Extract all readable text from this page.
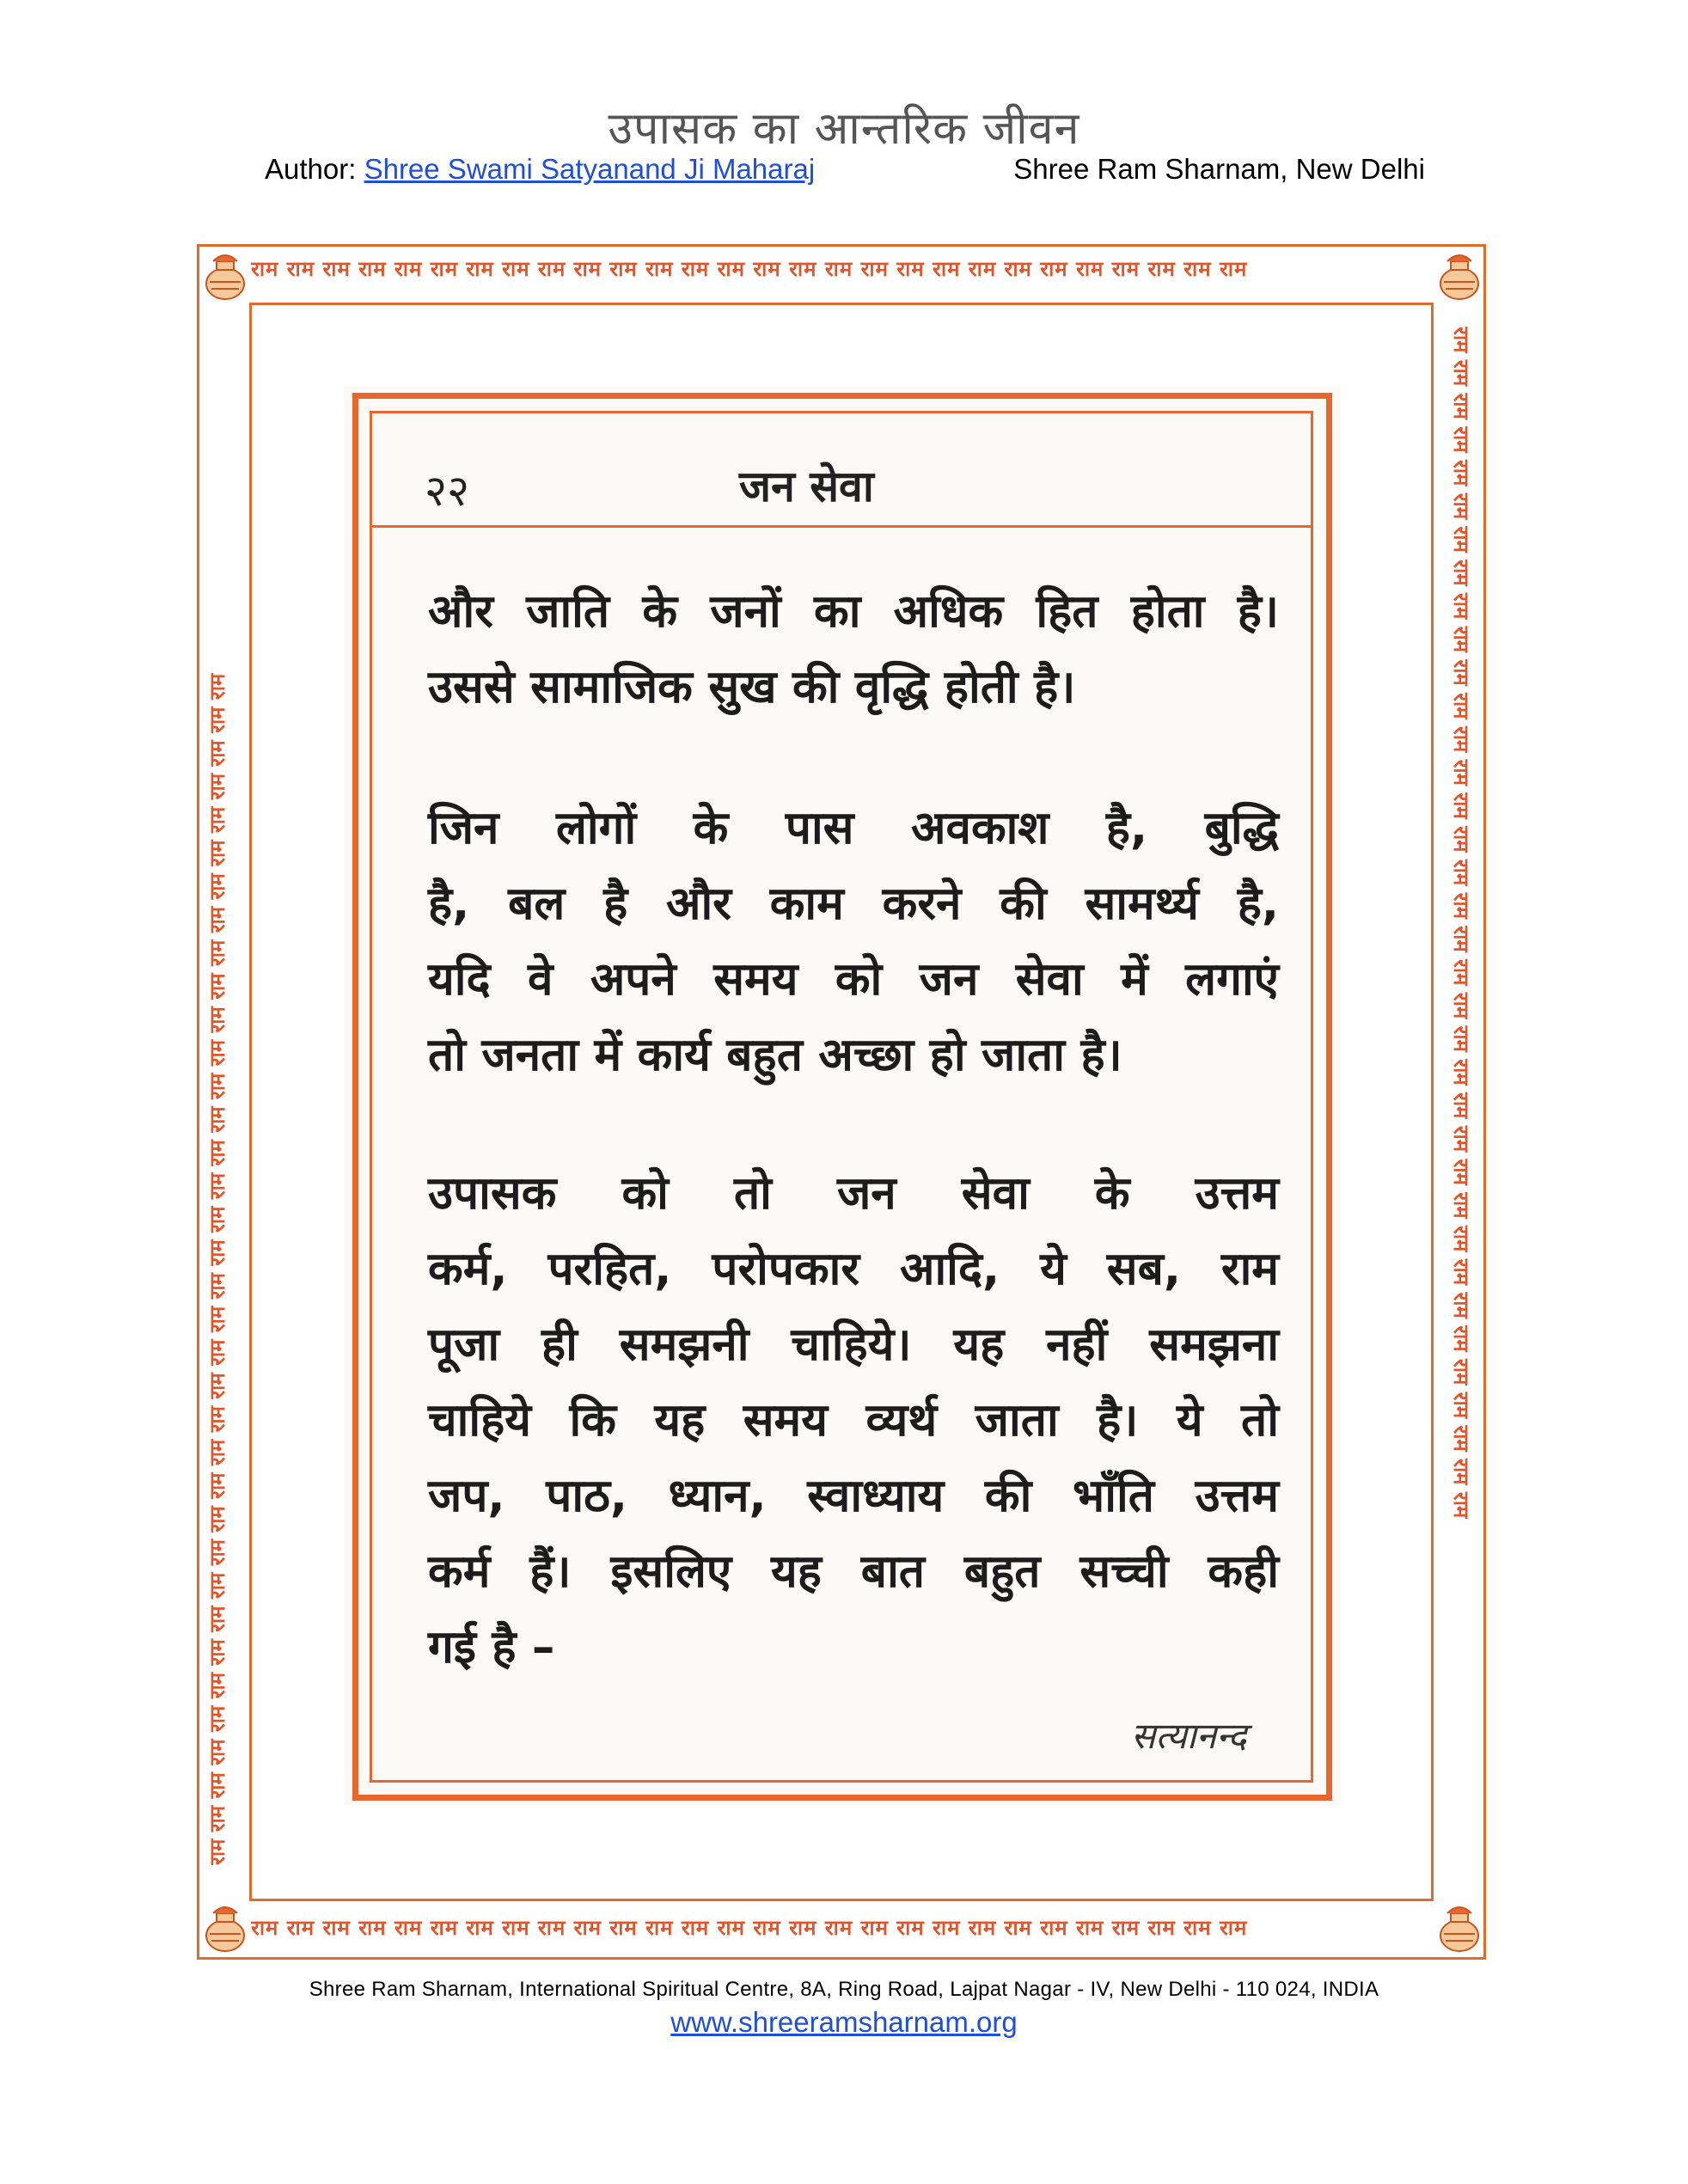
उपासक का आन्तरिक जीवन
Author: Shree Swami Satyanand Ji Maharaj	Shree Ram Sharnam, New Delhi
राम राम राम राम राम राम राम राम राम राम राम राम राम राम राम राम राम राम राम राम राम राम राम राम राम राम राम राम
राम राम राम राम राम राम राम राम राम राम राम राम राम राम राम राम राम राम राम राम राम राम राम राम राम राम राम राम
राम राम राम राम राम राम राम राम राम राम राम राम राम राम राम राम राम राम राम राम राम राम राम राम राम राम राम राम राम राम राम राम राम राम राम राम	राम राम राम राम राम राम राम राम राम राम राम राम राम राम राम राम राम राम राम राम राम राम राम राम राम राम राम राम राम राम राम राम राम राम राम राम
२२	जन सेवा
और जाति के जनों का अधिक हित होता है।
उससे सामाजिक सुख की वृद्धि होती है।
जिन लोगों के पास अवकाश है, बुद्धि
है, बल है और काम करने की सामर्थ्य है,
यदि वे अपने समय को जन सेवा में लगाएं
तो जनता में कार्य बहुत अच्छा हो जाता है।
उपासक को तो जन सेवा के उत्तम
कर्म, परहित, परोपकार आदि, ये सब, राम
पूजा ही समझनी चाहिये। यह नहीं समझना
चाहिये कि यह समय व्यर्थ जाता है। ये तो
जप, पाठ, ध्यान, स्वाध्याय की भाँति उत्तम
कर्म हैं। इसलिए यह बात बहुत सच्ची कही
गई है –
सत्यानन्द
Shree Ram Sharnam, International Spiritual Centre, 8A, Ring Road, Lajpat Nagar - IV, New Delhi - 110 024, INDIA
www.shreeramsharnam.org
